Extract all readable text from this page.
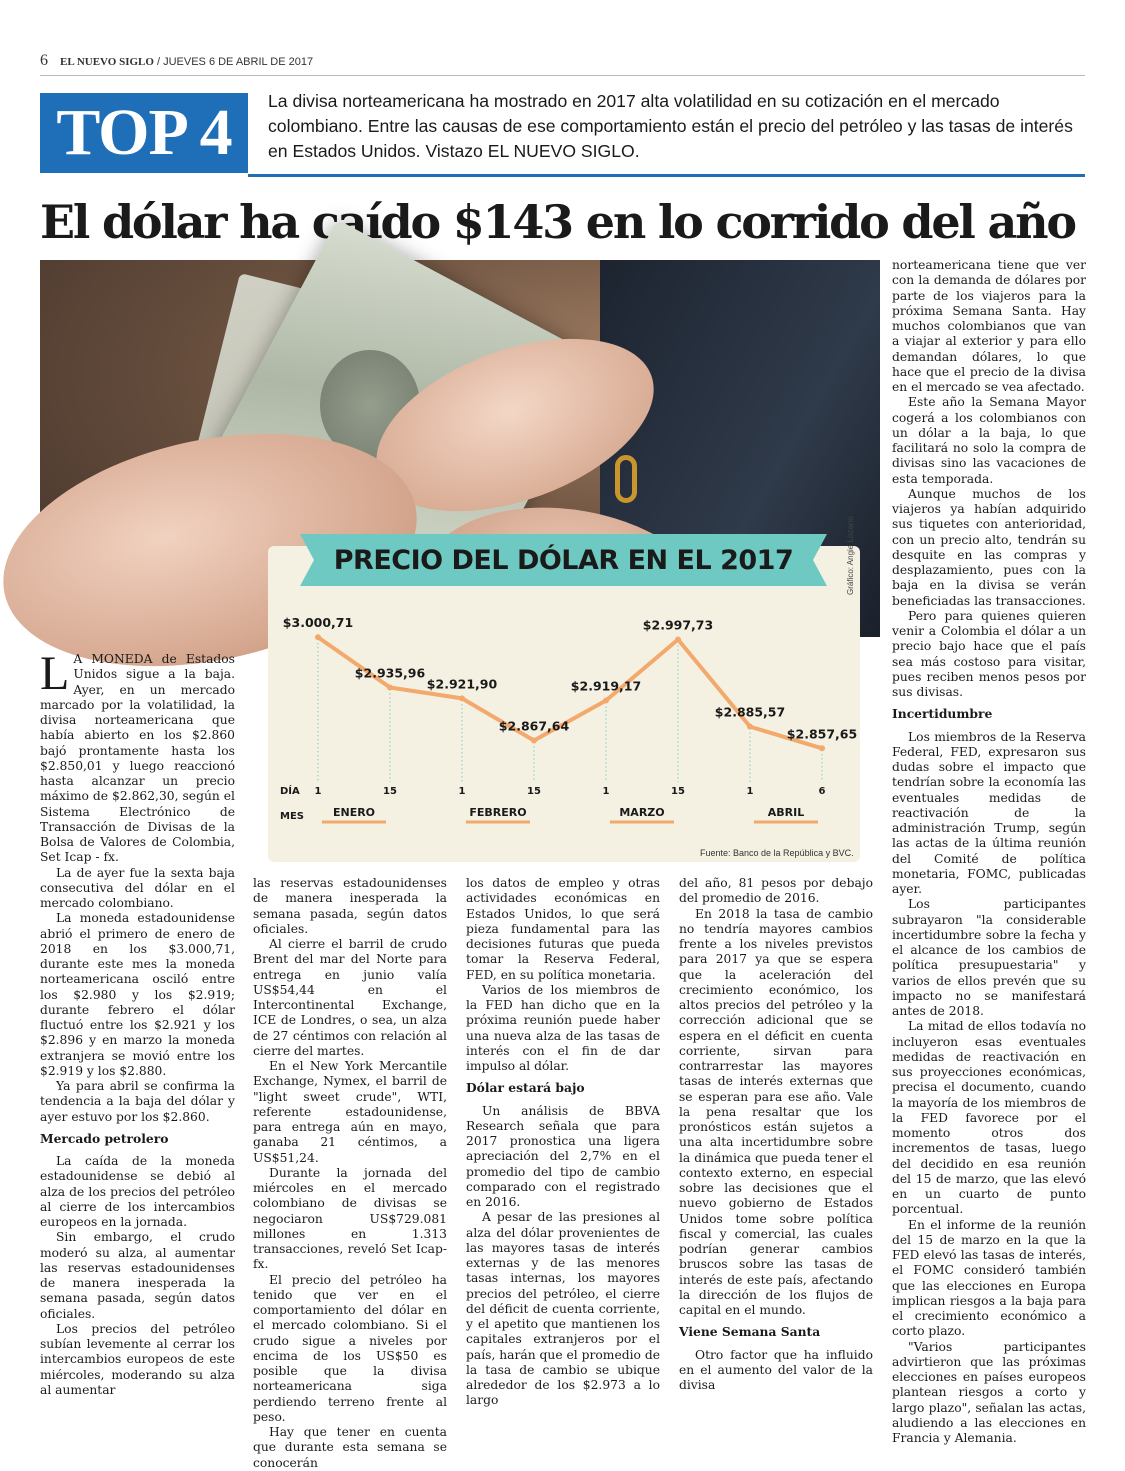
6 EL NUEVO SIGLO / JUEVES 6 DE ABRIL DE 2017
TOP 4	La divisa norteamericana ha mostrado en 2017 alta volatilidad en su cotización en el mercado colombiano. Entre las causas de ese comportamiento están el precio del petróleo y las tasas de interés en Estados Unidos. Vistazo EL NUEVO SIGLO.
El dólar ha caído $143 en lo corrido del año
PRECIO DEL DÓLAR EN EL 2017	Gráfico: Angie Lozano
$3.000,71
$2.935,96
$2.921,90
$2.867,64
$2.919,17
$2.997,73
$2.885,57
$2.857,65
1	15	1	15	1	15	1	6
ENERO	FEBRERO	MARZO	ABRIL
DÍA
MES
Fuente: Banco de la República y BVC.

L A MONEDA de Estados Unidos sigue a la baja. Ayer, en un mercado marcado por la volatilidad, la divisa norteamericana que había abierto en los $2.860 bajó prontamente hasta los $2.850,01 y luego reaccionó hasta alcanzar un precio máximo de $2.862,30, según el Sistema Electrónico de Transacción de Divisas de la Bolsa de Valores de Colombia, Set Icap - fx.

La de ayer fue la sexta baja consecutiva del dólar en el mercado colombiano.

La moneda estadounidense abrió el primero de enero de 2018 en los $3.000,71, durante este mes la moneda norteamericana osciló entre los $2.980 y los $2.919; durante febrero el dólar fluctuó entre los $2.921 y los $2.896 y en marzo la moneda extranjera se movió entre los $2.919 y los $2.880.

Ya para abril se confirma la tendencia a la baja del dólar y ayer estuvo por los $2.860.

Mercado petrolero

La caída de la moneda estadounidense se debió al alza de los precios del petróleo al cierre de los intercambios europeos en la jornada.

Sin embargo, el crudo moderó su alza, al aumentar las reservas estadounidenses de manera inesperada la semana pasada, según datos oficiales.

Los precios del petróleo subían levemente al cerrar los intercambios europeos de este miércoles, moderando su alza al aumentar

las reservas estadounidenses de manera inesperada la semana pasada, según datos oficiales.

Al cierre el barril de crudo Brent del mar del Norte para entrega en junio valía US$54,44 en el Intercontinental Exchange, ICE de Londres, o sea, un alza de 27 céntimos con relación al cierre del martes.

En el New York Mercantile Exchange, Nymex, el barril de "light sweet crude", WTI, referente estadounidense, para entrega aún en mayo, ganaba 21 céntimos, a US$51,24.

Durante la jornada del miércoles en el mercado colombiano de divisas se negociaron US$729.081 millones en 1.313 transacciones, reveló Set Icap-fx.

El precio del petróleo ha tenido que ver en el comportamiento del dólar en el mercado colombiano. Si el crudo sigue a niveles por encima de los US$50 es posible que la divisa norteamericana siga perdiendo terreno frente al peso.

Hay que tener en cuenta que durante esta semana se conocerán

los datos de empleo y otras actividades económicas en Estados Unidos, lo que será pieza fundamental para las decisiones futuras que pueda tomar la Reserva Federal, FED, en su política monetaria.

Varios de los miembros de la FED han dicho que en la próxima reunión puede haber una nueva alza de las tasas de interés con el fin de dar impulso al dólar.

Dólar estará bajo

Un análisis de BBVA Research señala que para 2017 pronostica una ligera apreciación del 2,7% en el promedio del tipo de cambio comparado con el registrado en 2016.

A pesar de las presiones al alza del dólar provenientes de las mayores tasas de interés externas y de las menores tasas internas, los mayores precios del petróleo, el cierre del déficit de cuenta corriente, y el apetito que mantienen los capitales extranjeros por el país, harán que el promedio de la tasa de cambio se ubique alrededor de los $2.973 a lo largo

del año, 81 pesos por debajo del promedio de 2016.

En 2018 la tasa de cambio no tendría mayores cambios frente a los niveles previstos para 2017 ya que se espera que la aceleración del crecimiento económico, los altos precios del petróleo y la corrección adicional que se espera en el déficit en cuenta corriente, sirvan para contrarrestar las mayores tasas de interés externas que se esperan para ese año. Vale la pena resaltar que los pronósticos están sujetos a una alta incertidumbre sobre la dinámica que pueda tener el contexto externo, en especial sobre las decisiones que el nuevo gobierno de Estados Unidos tome sobre política fiscal y comercial, las cuales podrían generar cambios bruscos sobre las tasas de interés de este país, afectando la dirección de los flujos de capital en el mundo.

Viene Semana Santa

Otro factor que ha influido en el aumento del valor de la divisa

norteamericana tiene que ver con la demanda de dólares por parte de los viajeros para la próxima Semana Santa. Hay muchos colombianos que van a viajar al exterior y para ello demandan dólares, lo que hace que el precio de la divisa en el mercado se vea afectado.

Este año la Semana Mayor cogerá a los colombianos con un dólar a la baja, lo que facilitará no solo la compra de divisas sino las vacaciones de esta temporada.

Aunque muchos de los viajeros ya habían adquirido sus tiquetes con anterioridad, con un precio alto, tendrán su desquite en las compras y desplazamiento, pues con la baja en la divisa se verán beneficiadas las transacciones.

Pero para quienes quieren venir a Colombia el dólar a un precio bajo hace que el país sea más costoso para visitar, pues reciben menos pesos por sus divisas.

Incertidumbre

Los miembros de la Reserva Federal, FED, expresaron sus dudas sobre el impacto que tendrían sobre la economía las eventuales medidas de reactivación de la administración Trump, según las actas de la última reunión del Comité de política monetaria, FOMC, publicadas ayer.

Los participantes subrayaron "la considerable incertidumbre sobre la fecha y el alcance de los cambios de política presupuestaria" y varios de ellos prevén que su impacto no se manifestará antes de 2018.

La mitad de ellos todavía no incluyeron esas eventuales medidas de reactivación en sus proyecciones económicas, precisa el documento, cuando la mayoría de los miembros de la FED favorece por el momento otros dos incrementos de tasas, luego del decidido en esa reunión del 15 de marzo, que las elevó en un cuarto de punto porcentual.

En el informe de la reunión del 15 de marzo en la que la FED elevó las tasas de interés, el FOMC consideró también que las elecciones en Europa implican riesgos a la baja para el crecimiento económico a corto plazo.

"Varios participantes advirtieron que las próximas elecciones en países europeos plantean riesgos a corto y largo plazo", señalan las actas, aludiendo a las elecciones en Francia y Alemania.
